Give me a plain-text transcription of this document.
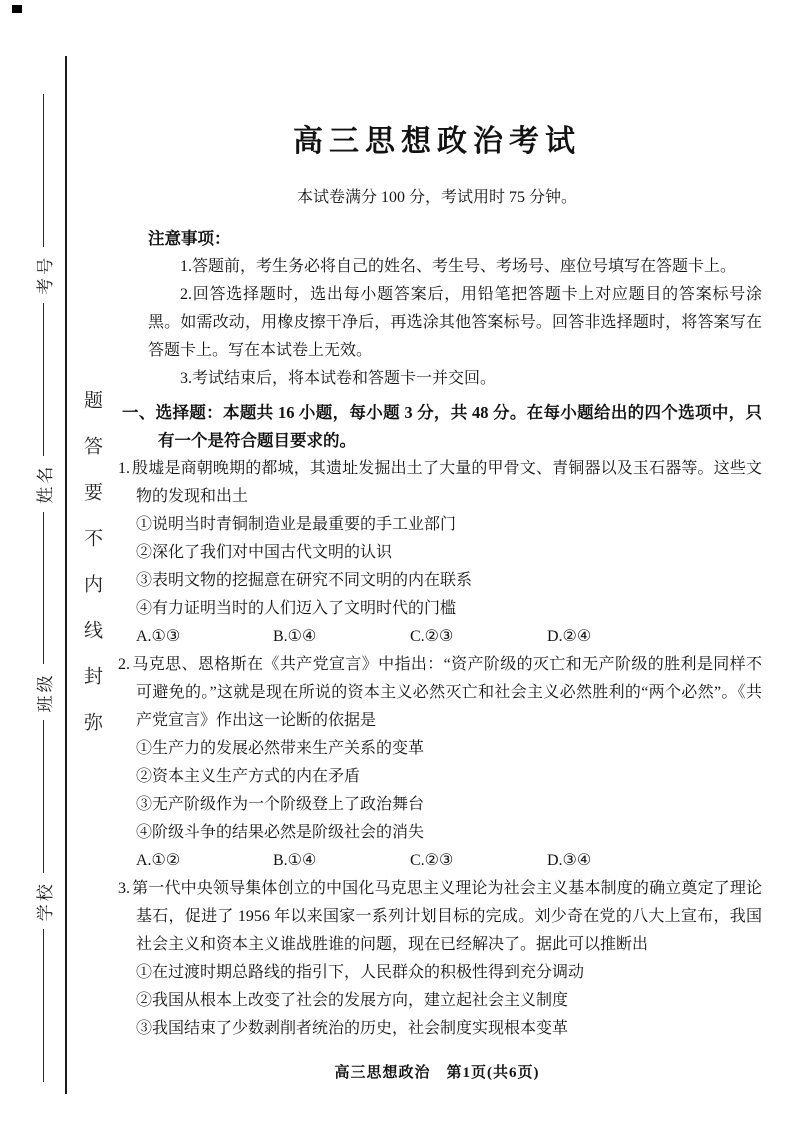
学校
班级
姓名
考号
题答要不内线封弥
高三思想政治考试
本试卷满分 100 分，考试用时 75 分钟。
注意事项：

1.答题前，考生务必将自己的姓名、考生号、考场号、座位号填写在答题卡上。

2.回答选择题时，选出每小题答案后，用铅笔把答题卡上对应题目的答案标号涂黑。如需改动，用橡皮擦干净后，再选涂其他答案标号。回答非选择题时，将答案写在答题卡上。写在本试卷上无效。

3.考试结束后，将本试卷和答题卡一并交回。

一、选择题：本题共 16 小题，每小题 3 分，共 48 分。在每小题给出的四个选项中，只有一个是符合题目要求的。

1. 殷墟是商朝晚期的都城，其遗址发掘出土了大量的甲骨文、青铜器以及玉石器等。这些文物的发现和出土

①说明当时青铜制造业是最重要的手工业部门
②深化了我们对中国古代文明的认识
③表明文物的挖掘意在研究不同文明的内在联系
④有力证明当时的人们迈入了文明时代的门槛
A.①③	B.①④	C.②③	D.②④

2. 马克思、恩格斯在《共产党宣言》中指出：“资产阶级的灭亡和无产阶级的胜利是同样不可避免的。”这就是现在所说的资本主义必然灭亡和社会主义必然胜利的“两个必然”。《共产党宣言》作出这一论断的依据是

①生产力的发展必然带来生产关系的变革
②资本主义生产方式的内在矛盾
③无产阶级作为一个阶级登上了政治舞台
④阶级斗争的结果必然是阶级社会的消失
A.①②	B.①④	C.②③	D.③④

3. 第一代中央领导集体创立的中国化马克思主义理论为社会主义基本制度的确立奠定了理论基石，促进了 1956 年以来国家一系列计划目标的完成。刘少奇在党的八大上宣布，我国社会主义和资本主义谁战胜谁的问题，现在已经解决了。据此可以推断出

①在过渡时期总路线的指引下，人民群众的积极性得到充分调动
②我国从根本上改变了社会的发展方向，建立起社会主义制度
③我国结束了少数剥削者统治的历史，社会制度实现根本变革
高三思想政治　第1页(共6页)
